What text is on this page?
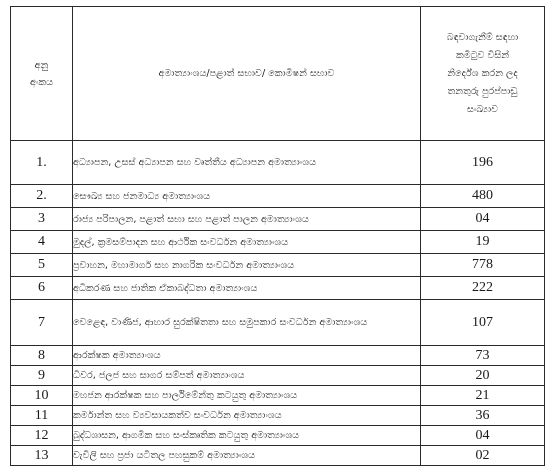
අනු
අංකය	අමාත්‍යාංශය/පළාත් සභාව/ කොමිෂන් සභාව	බඳවාගැනීම් සඳහා
කමිටුව විසින්
නිර්දේශ කරන ලද
තනතුරු පුරප්පාඩු
සංඛ්‍යාව

1.	අධ්‍යාපන, උසස් අධ්‍යාපන සහ වෘත්තීය අධ්‍යාපන අමාත්‍යාංශය	196
2.	සෞඛ්‍ය සහ ජනමාධ්‍ය අමාත්‍යාංශය	480
3	රාජ්‍ය පරිපාලන, පළාත් සභා සහ පළාත් පාලන අමාත්‍යාංශය	04
4	මුදල්, ක්‍රමසම්පාදන සහ ආර්ථික සංවර්ධන අමාත්‍යාංශය	19
5	ප්‍රවාහන, මහාමාර්ග සහ නාගරික සංවර්ධන අමාත්‍යාංශය	778
6	අධිකරණ සහ ජාතික ඒකාබද්ධතා අමාත්‍යාංශය	222
7	වෙළෙඳ, වාණිජ, ආහාර සුරක්ෂිතතා සහ සමුපකාර සංවර්ධන අමාත්‍යාංශය	107
8	ආරක්ෂක අමාත්‍යාංශය	73
9	ධීවර, ජලජ සහ සාගර සම්පත් අමාත්‍යාංශය	20
10	මහජන ආරක්ෂක සහ පාර්ලිමේන්තු කටයුතු අමාත්‍යාංශය	21
11	කර්මාන්ත සහ ව්‍යවසායකත්ව සංවර්ධන අමාත්‍යාංශය	36
12	බුද්ධශාසන, ආගමික සහ සංස්කෘතික කටයුතු අමාත්‍යාංශය	04
13	වැවිලි සහ ප්‍රජා යටිතල පහසුකම් අමාත්‍යාංශය	02
